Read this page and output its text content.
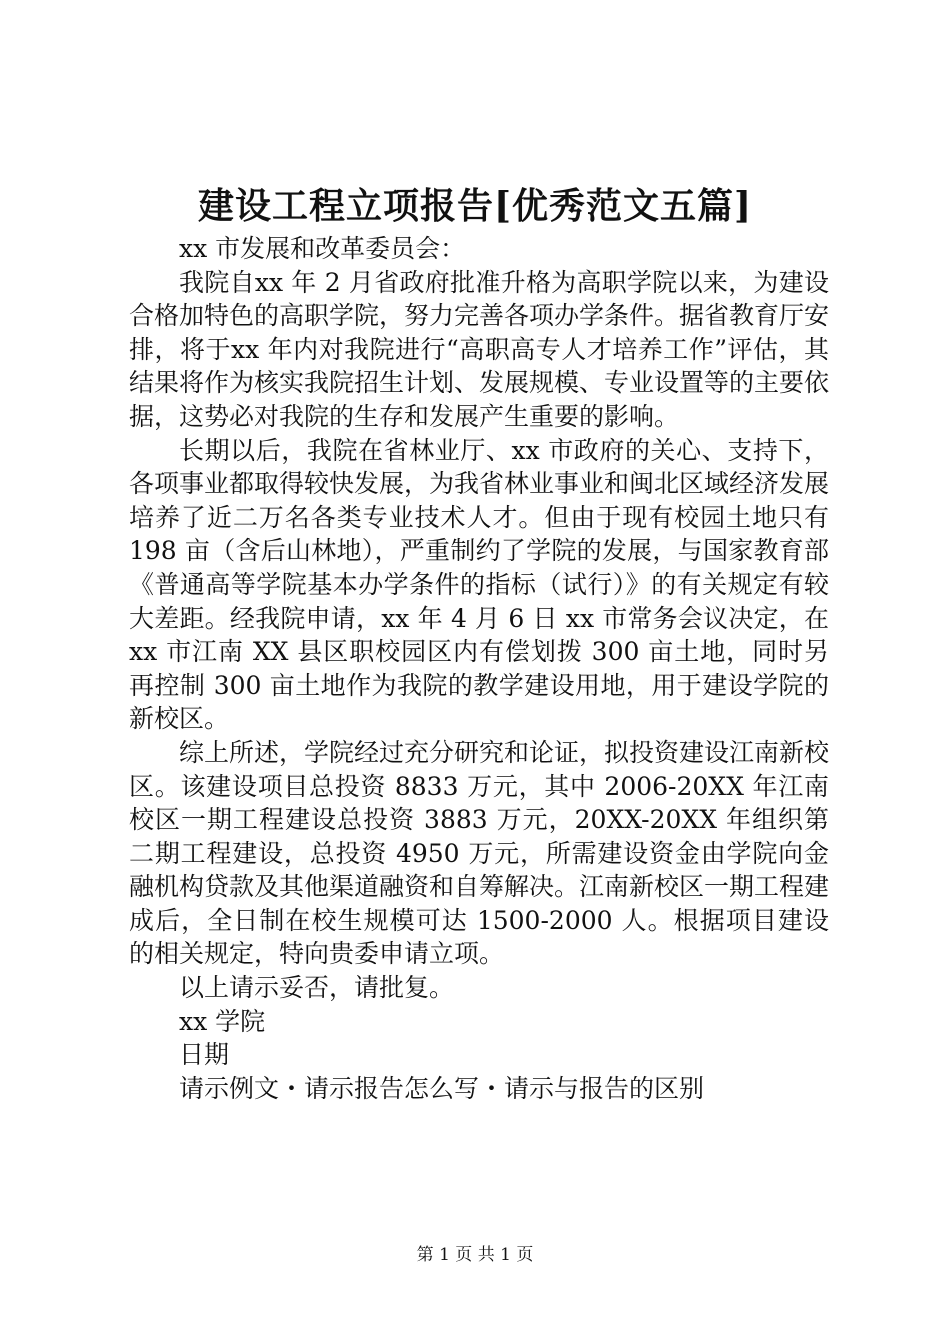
建设工程立项报告[优秀范文五篇]

xx 市发展和改革委员会：

我院自xx 年 2 月省政府批准升格为高职学院以来，为建设合格加特色的高职学院，努力完善各项办学条件。据省教育厅安排，将于xx 年内对我院进行“高职高专人才培养工作”评估，其结果将作为核实我院招生计划、发展规模、专业设置等的主要依据，这势必对我院的生存和发展产生重要的影响。

长期以后，我院在省林业厅、xx 市政府的关心、支持下，各项事业都取得较快发展，为我省林业事业和闽北区域经济发展培养了近二万名各类专业技术人才。但由于现有校园土地只有 198 亩（含后山林地），严重制约了学院的发展，与国家教育部《普通高等学院基本办学条件的指标（试行）》的有关规定有较大差距。经我院申请，xx 年 4 月 6 日 xx 市常务会议决定，在 xx 市江南 XX 县区职校园区内有偿划拨 300 亩土地，同时另再控制 300 亩土地作为我院的教学建设用地，用于建设学院的新校区。

综上所述，学院经过充分研究和论证，拟投资建设江南新校区。该建设项目总投资 8833 万元，其中 2006-20XX 年江南校区一期工程建设总投资 3883 万元，20XX-20XX 年组织第二期工程建设，总投资 4950 万元，所需建设资金由学院向金融机构贷款及其他渠道融资和自筹解决。江南新校区一期工程建成后，全日制在校生规模可达 1500-2000 人。根据项目建设的相关规定，特向贵委申请立项。

以上请示妥否，请批复。

xx 学院

日期

请示例文・请示报告怎么写・请示与报告的区别

第 1 页 共 1 页
